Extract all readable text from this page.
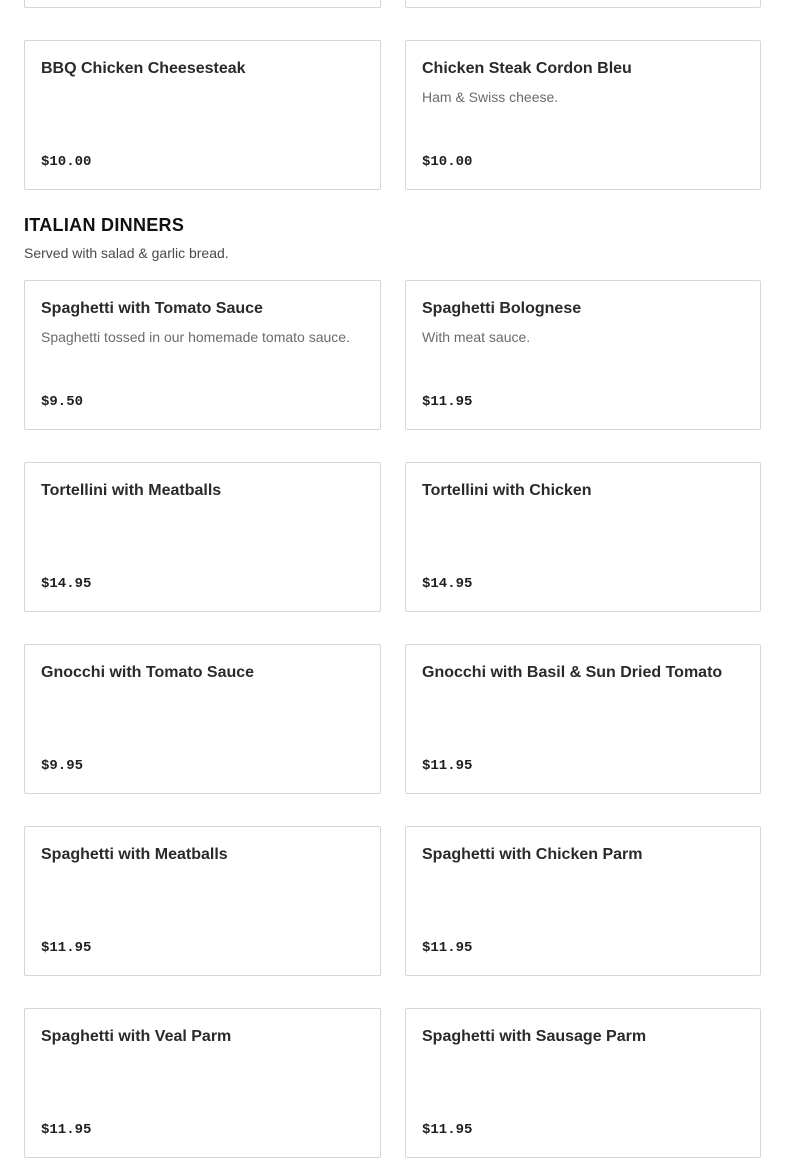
BBQ Chicken Cheesesteak
$10.00
Chicken Steak Cordon Bleu
Ham & Swiss cheese.
$10.00
ITALIAN DINNERS
Served with salad & garlic bread.
Spaghetti with Tomato Sauce
Spaghetti tossed in our homemade tomato sauce.
$9.50
Spaghetti Bolognese
With meat sauce.
$11.95
Tortellini with Meatballs
$14.95
Tortellini with Chicken
$14.95
Gnocchi with Tomato Sauce
$9.95
Gnocchi with Basil & Sun Dried Tomato
$11.95
Spaghetti with Meatballs
$11.95
Spaghetti with Chicken Parm
$11.95
Spaghetti with Veal Parm
$11.95
Spaghetti with Sausage Parm
$11.95
